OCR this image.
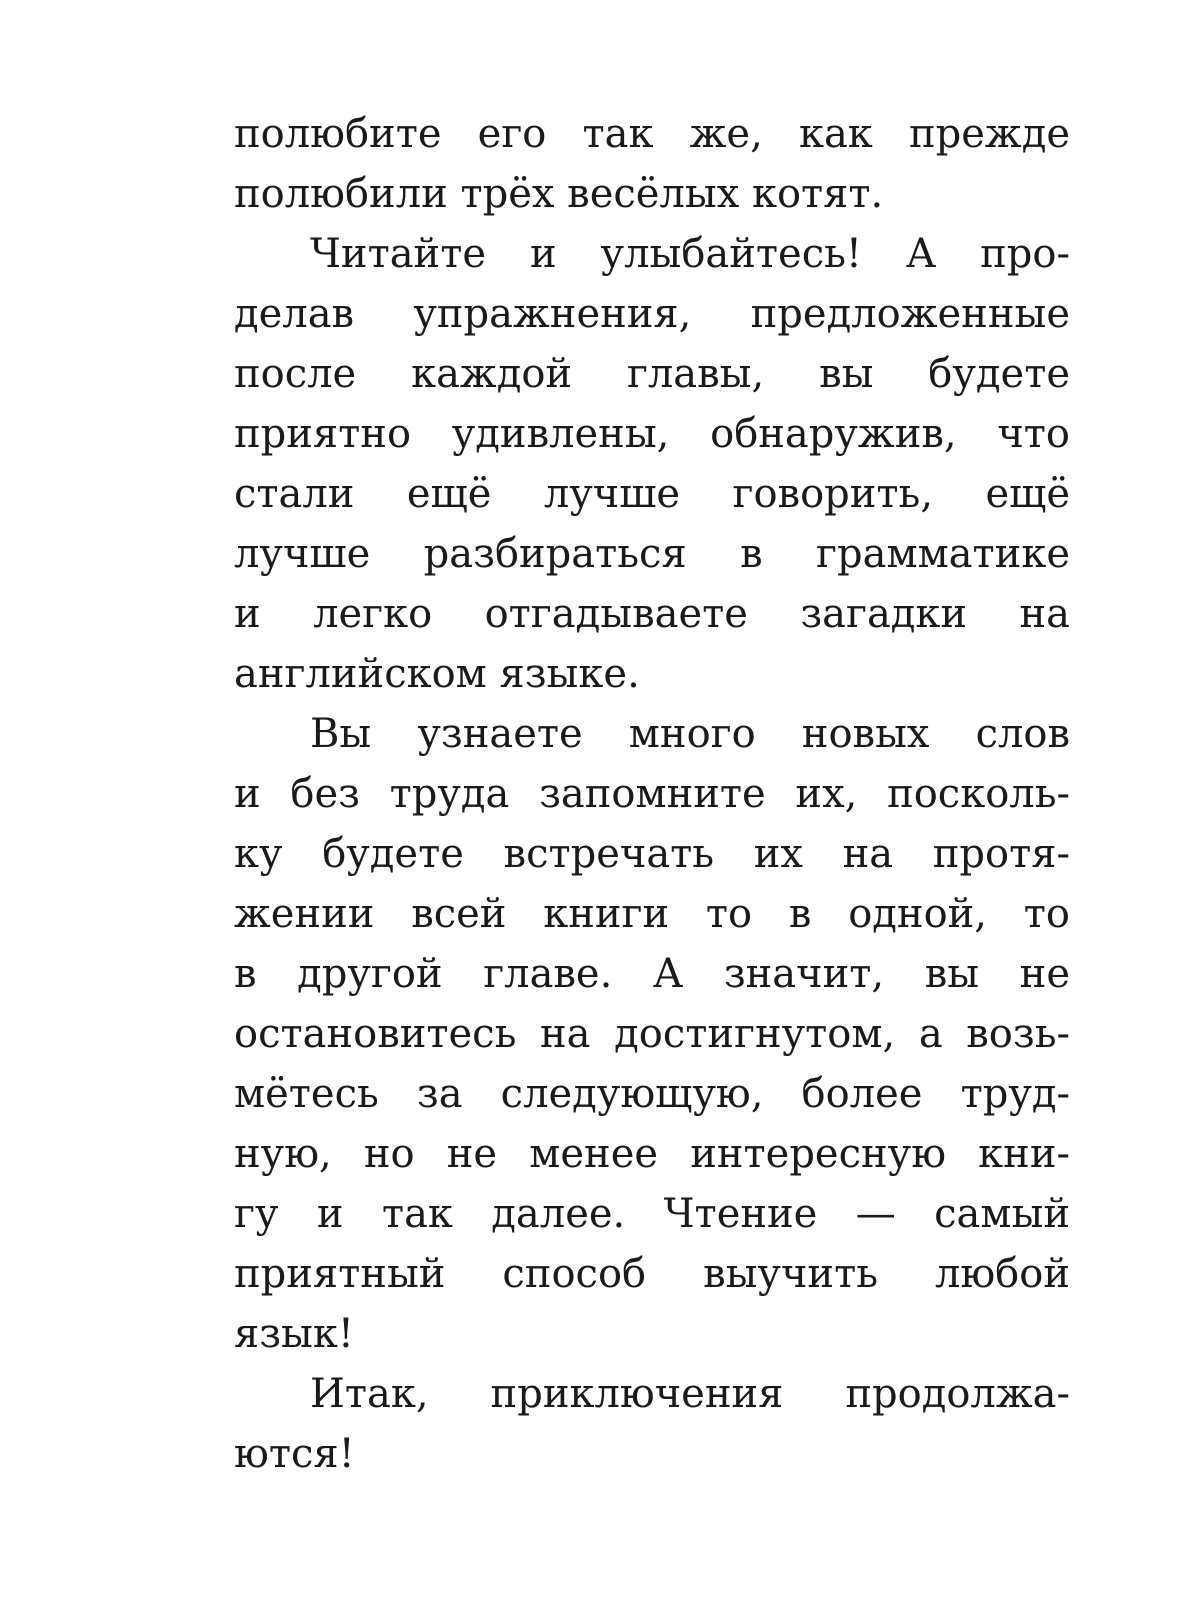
полюбите его так же, как прежде
полюбили трёх весёлых котят.
Читайте и улыбайтесь! А про-
делав упражнения, предложенные
после каждой главы, вы будете
приятно удивлены, обнаружив, что
стали ещё лучше говорить, ещё
лучше разбираться в грамматике
и легко отгадываете загадки на
английском языке.
Вы узнаете много новых слов
и без труда запомните их, посколь-
ку будете встречать их на протя-
жении всей книги то в одной, то
в другой главе. А значит, вы не
остановитесь на достигнутом, а возь-
мётесь за следующую, более труд-
ную, но не менее интересную кни-
гу и так далее. Чтение — самый
приятный способ выучить любой
язык!
Итак, приключения продолжа-
ются!
